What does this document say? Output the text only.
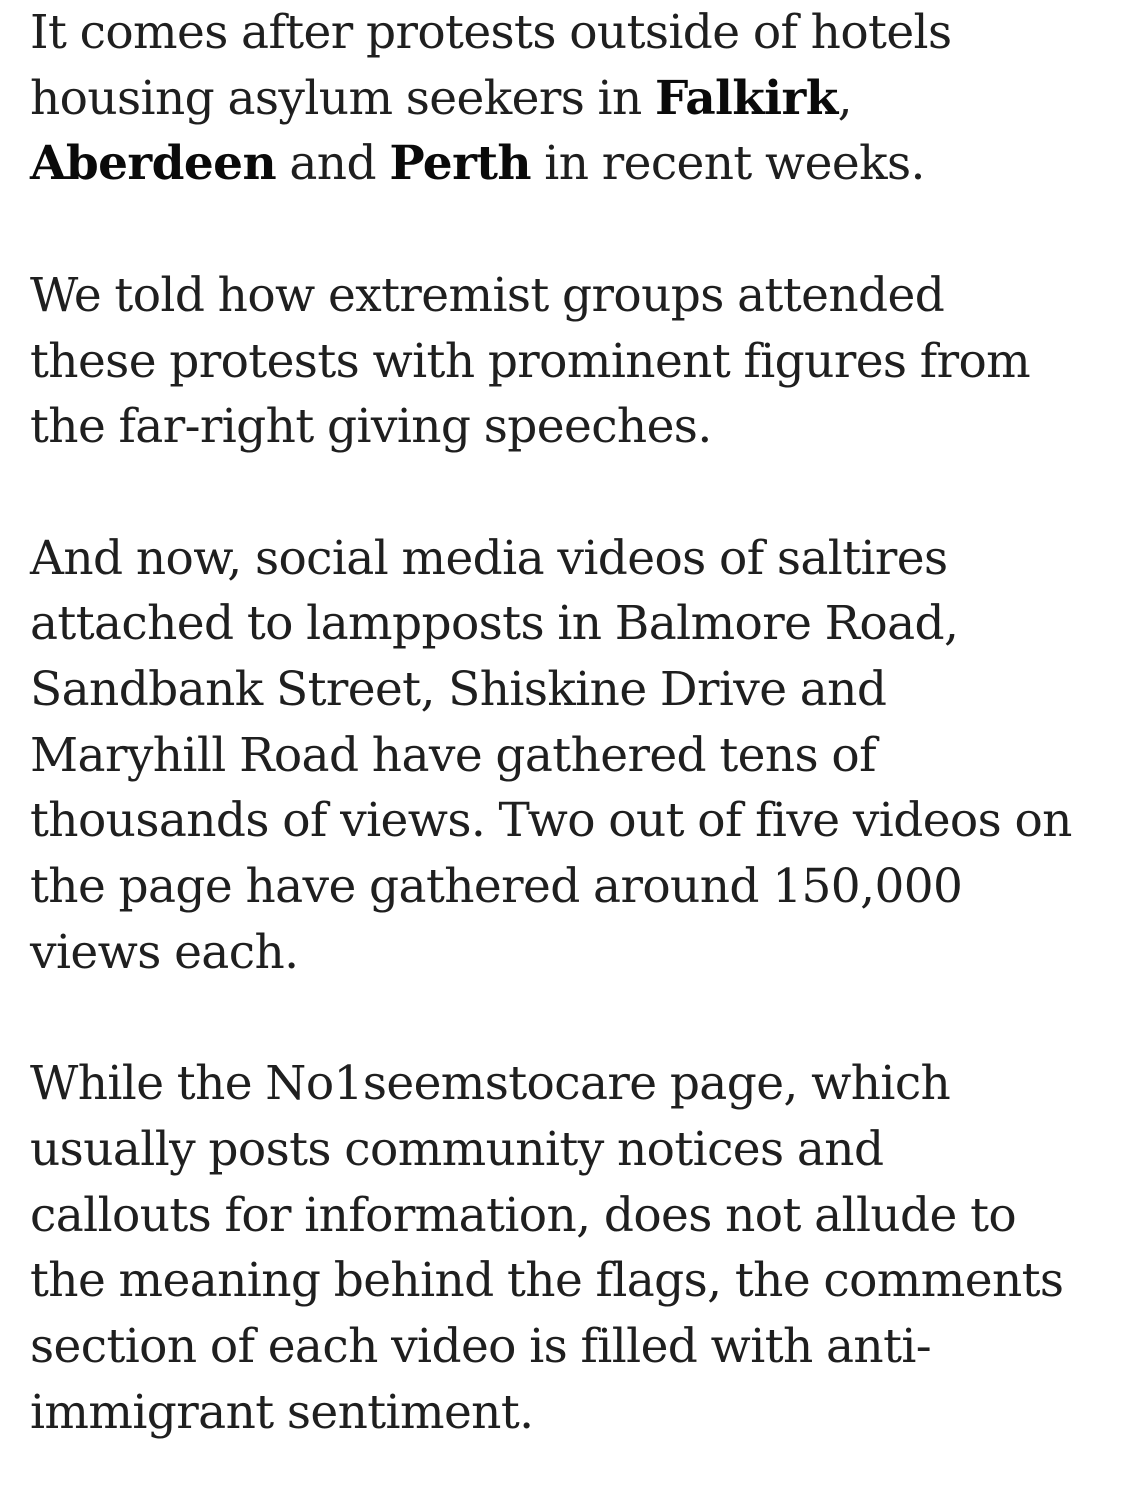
It comes after protests outside of hotels
housing asylum seekers in Falkirk,
Aberdeen and Perth in recent weeks.

We told how extremist groups attended
these protests with prominent figures from
the far-right giving speeches.

And now, social media videos of saltires
attached to lampposts in Balmore Road,
Sandbank Street, Shiskine Drive and
Maryhill Road have gathered tens of
thousands of views. Two out of five videos on
the page have gathered around 150,000
views each.

While the No1seemstocare page, which
usually posts community notices and
callouts for information, does not allude to
the meaning behind the flags, the comments
section of each video is filled with anti-
immigrant sentiment.
